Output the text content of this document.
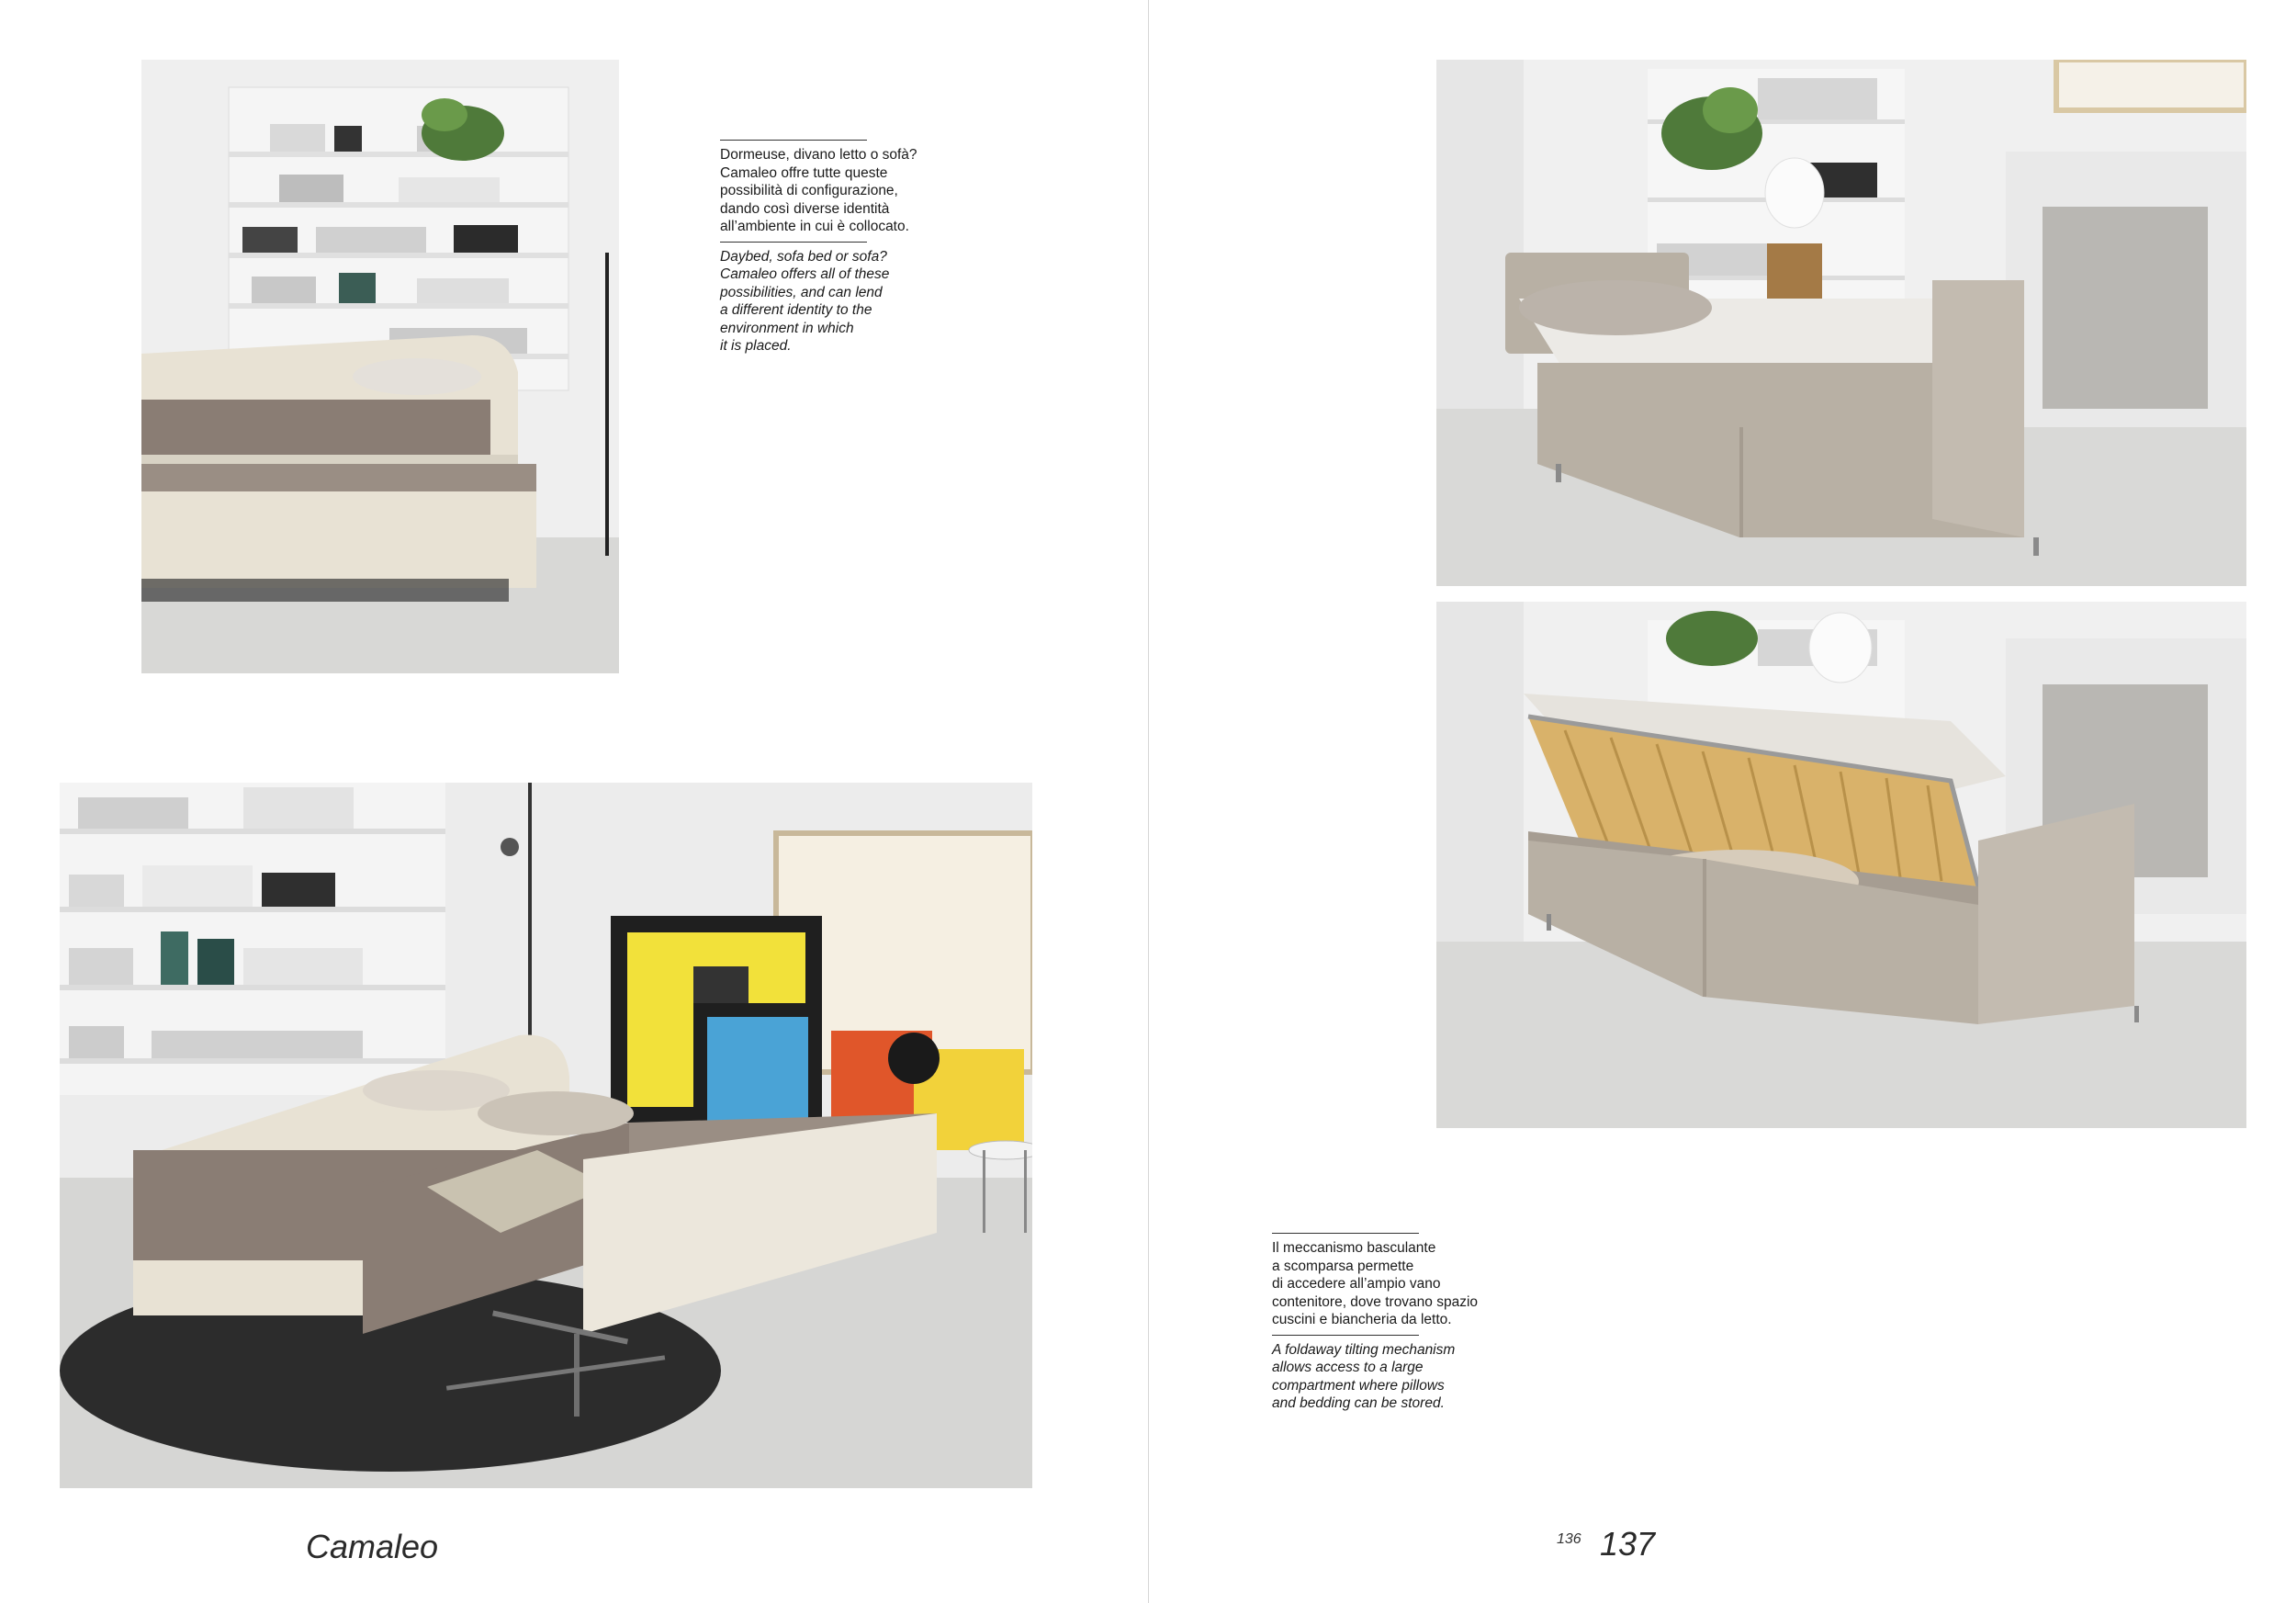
Dormeuse, divano letto o sofà?
Camaleo offre tutte queste
possibilità di configurazione,
dando così diverse identità
all’ambiente in cui è collocato.

Daybed, sofa bed or sofa?
Camaleo offers all of these
possibilities, and can lend
a different identity to the
environment in which
it is placed.

Camaleo

Il meccanismo basculante
a scomparsa permette
di accedere all’ampio vano
contenitore, dove trovano spazio
cuscini e biancheria da letto.

A foldaway tilting mechanism
allows access to a large
compartment where pillows
and bedding can be stored.

136 137
